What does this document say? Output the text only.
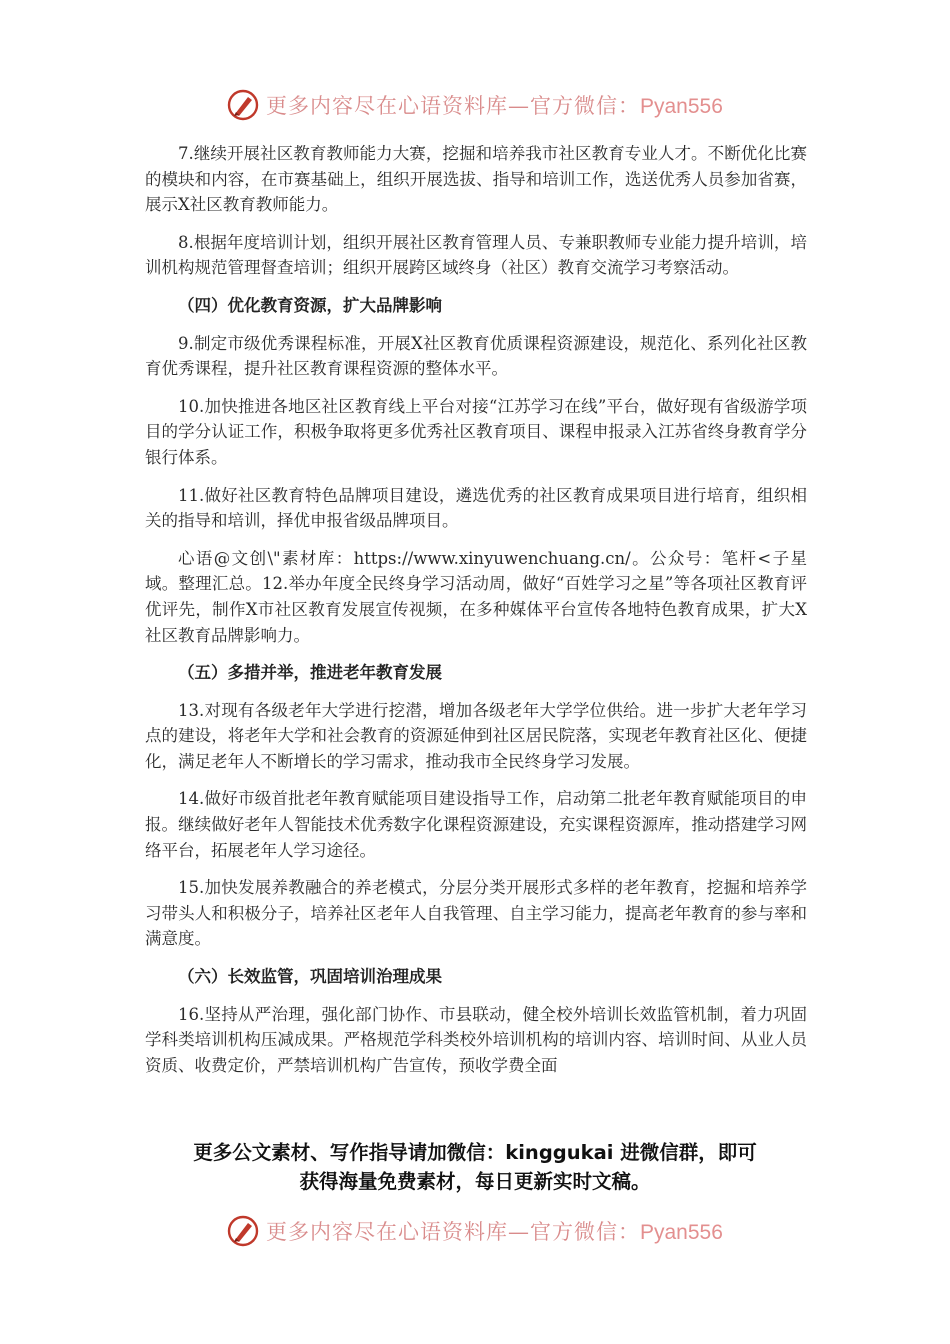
更多内容尽在心语资料库—官方微信：Pyan556

7.继续开展社区教育教师能力大赛，挖掘和培养我市社区教育专业人才。不断优化比赛的模块和内容，在市赛基础上，组织开展选拔、指导和培训工作，选送优秀人员参加省赛，展示X社区教育教师能力。

8.根据年度培训计划，组织开展社区教育管理人员、专兼职教师专业能力提升培训，培训机构规范管理督查培训；组织开展跨区域终身（社区）教育交流学习考察活动。

（四）优化教育资源，扩大品牌影响

9.制定市级优秀课程标准，开展X社区教育优质课程资源建设，规范化、系列化社区教育优秀课程，提升社区教育课程资源的整体水平。

10.加快推进各地区社区教育线上平台对接“江苏学习在线”平台，做好现有省级游学项目的学分认证工作，积极争取将更多优秀社区教育项目、课程申报录入江苏省终身教育学分银行体系。

11.做好社区教育特色品牌项目建设，遴选优秀的社区教育成果项目进行培育，组织相关的指导和培训，择优申报省级品牌项目。

心语@文创\"素材库：https://www.xinyuwenchuang.cn/。公众号：笔杆<子星域。整理汇总。12.举办年度全民终身学习活动周，做好“百姓学习之星”等各项社区教育评优评先，制作X市社区教育发展宣传视频，在多种媒体平台宣传各地特色教育成果，扩大X社区教育品牌影响力。

（五）多措并举，推进老年教育发展

13.对现有各级老年大学进行挖潜，增加各级老年大学学位供给。进一步扩大老年学习点的建设，将老年大学和社会教育的资源延伸到社区居民院落，实现老年教育社区化、便捷化，满足老年人不断增长的学习需求，推动我市全民终身学习发展。

14.做好市级首批老年教育赋能项目建设指导工作，启动第二批老年教育赋能项目的申报。继续做好老年人智能技术优秀数字化课程资源建设，充实课程资源库，推动搭建学习网络平台，拓展老年人学习途径。

15.加快发展养教融合的养老模式，分层分类开展形式多样的老年教育，挖掘和培养学习带头人和积极分子，培养社区老年人自我管理、自主学习能力，提高老年教育的参与率和满意度。

（六）长效监管，巩固培训治理成果

16.坚持从严治理，强化部门协作、市县联动，健全校外培训长效监管机制，着力巩固学科类培训机构压减成果。严格规范学科类校外培训机构的培训内容、培训时间、从业人员资质、收费定价，严禁培训机构广告宣传，预收学费全面

更多公文素材、写作指导请加微信：kinggukai 进微信群，即可
获得海量免费素材，每日更新实时文稿。
更多内容尽在心语资料库—官方微信：Pyan556
